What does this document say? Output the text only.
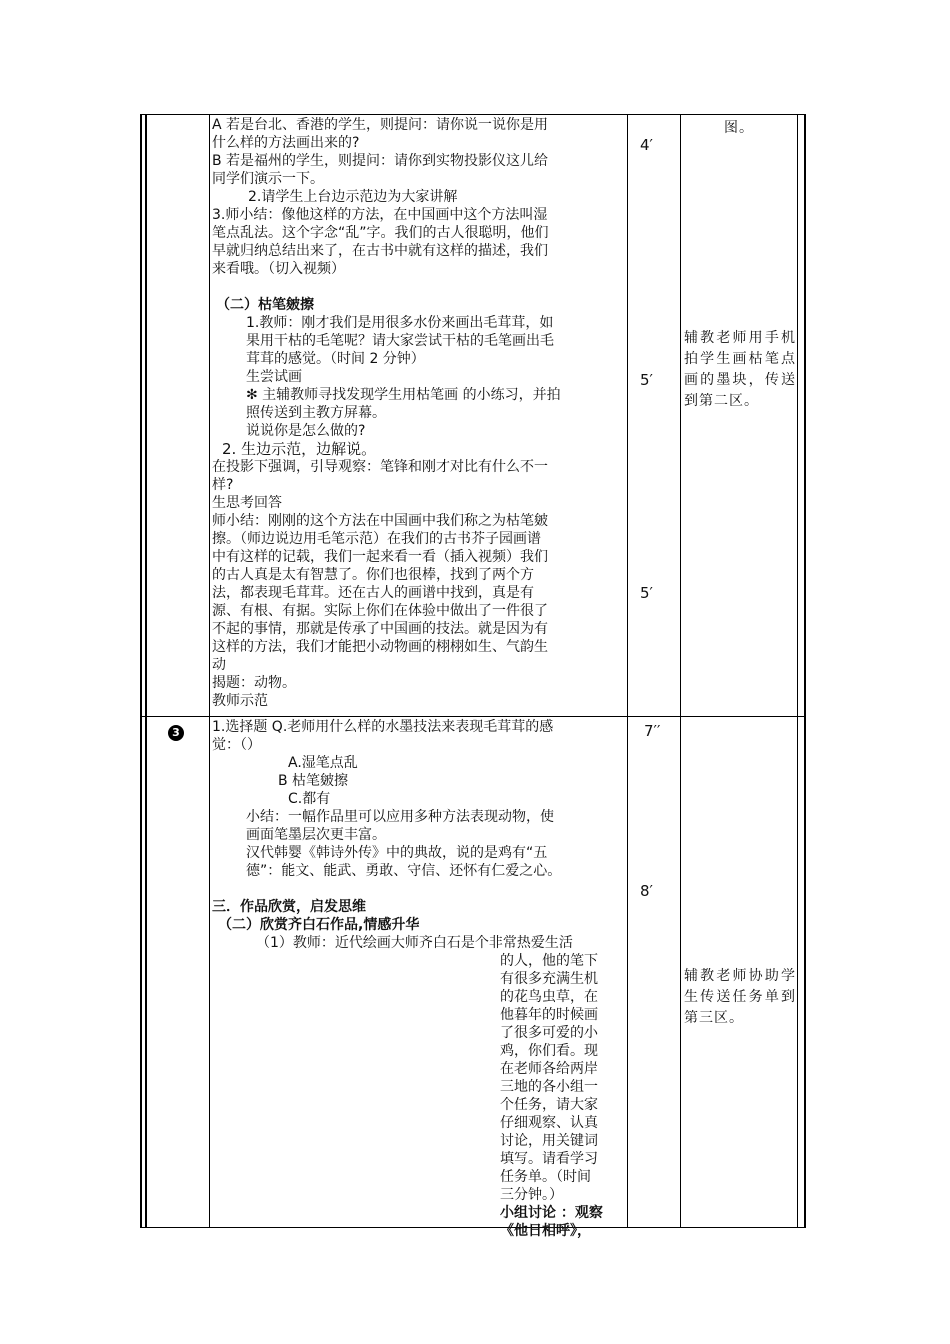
A 若是台北、香港的学生，则提问：请你说一说你是用

什么样的方法画出来的?

B 若是福州的学生，则提问：请你到实物投影仪这儿给

同学们演示一下。

2.请学生上台边示范边为大家讲解

3.师小结：像他这样的方法，在中国画中这个方法叫湿

笔点乱法。这个字念“乱”字。我们的古人很聪明，他们

早就归纳总结出来了，在古书中就有这样的描述，我们

来看哦。（切入视频）

（二）枯笔皴擦

1.教师：刚才我们是用很多水份来画出毛茸茸，如

果用干枯的毛笔呢？请大家尝试干枯的毛笔画出毛

茸茸的感觉。（时间 2 分钟）

生尝试画

✻ 主辅教师寻找发现学生用枯笔画 的小练习，并拍

照传送到主教方屏幕。

说说你是怎么做的?

2. 生边示范，边解说。

在投影下强调，引导观察：笔锋和刚才对比有什么不一

样?

生思考回答

师小结：刚刚的这个方法在中国画中我们称之为枯笔皴

擦。（师边说边用毛笔示范）在我们的古书芥子园画谱

中有这样的记载，我们一起来看一看（插入视频）我们

的古人真是太有智慧了。你们也很棒，找到了两个方

法，都表现毛茸茸。还在古人的画谱中找到，真是有

源、有根、有据。实际上你们在体验中做出了一件很了

不起的事情，那就是传承了中国画的技法。就是因为有

这样的方法，我们才能把小动物画的栩栩如生、气韵生

动

揭题：动物。

教师示范

4′
5′
5′
图。
辅教老师用手机拍学生画枯笔点画的墨块，传送到第二区。
3 1.选择题 Q.老师用什么样的水墨技法来表现毛茸茸的感

觉：（）

A.湿笔点乱

B 枯笔皴擦

C.都有

小结：一幅作品里可以应用多种方法表现动物，使

画面笔墨层次更丰富。

汉代韩婴《韩诗外传》中的典故，说的是鸡有“五

德”：能文、能武、勇敢、守信、还怀有仁爱之心。

三．作品欣赏，启发思维

（二）欣赏齐白石作品,情感升华

（1）教师：近代绘画大师齐白石是个非常热爱生活

的人，他的笔下

有很多充满生机

的花鸟虫草，在

他暮年的时候画

了很多可爱的小

鸡，你们看。现

在老师各给两岸

三地的各小组一

个任务，请大家

仔细观察、认真

讨论，用关键词

填写。请看学习

任务单。（时间

三分钟。）

小组讨论 ：观察

《他日相呼》，

7′′
8′
辅教老师协助学生传送任务单到第三区。
